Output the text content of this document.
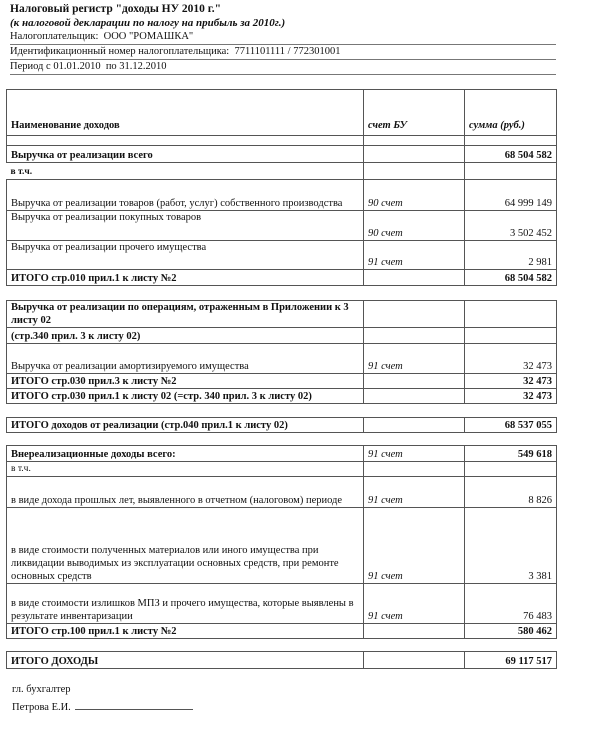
Налоговый регистр "доходы НУ 2010 г."
(к налоговой декларации по налогу на прибыль за 2010г.)
Налогоплательщик: ООО "РОМАШКА"
Идентификационный номер налогоплательщика: 7711101111 / 772301001
Период с 01.01.2010 по 31.12.2010
Наименование доходов	счет БУ	сумма (руб.)

Выручка от реализации всего		68 504 582
в т.ч.		
Выручка от реализации товаров (работ, услуг) собственного производства	90 счет	64 999 149
Выручка от реализации покупных товаров	90 счет	3 502 452
Выручка от реализации прочего имущества	91 счет	2 981
ИТОГО стр.010 прил.1 к листу №2		68 504 582
Выручка от реализации по операциям, отраженным в Приложении к 3 листу 02		
(стр.340 прил. 3 к листу 02)		
Выручка от реализации амортизируемого имущества	91 счет	32 473
ИТОГО стр.030 прил.3 к листу №2		32 473
ИТОГО стр.030 прил.1 к листу 02 (=стр. 340 прил. 3 к листу 02)		32 473
ИТОГО доходов от реализации (стр.040 прил.1 к листу 02)		68 537 055
Внереализационные доходы всего:	91 счет	549 618
в т.ч.		
в виде дохода прошлых лет, выявленного в отчетном (налоговом) периоде	91 счет	8 826
в виде стоимости полученных материалов или иного имущества при ликвидации выводимых из эксплуатации основных средств, при ремонте основных средств	91 счет	3 381
в виде стоимости излишков МПЗ и прочего имущества, которые выявлены в результате инвентаризации	91 счет	76 483
ИТОГО стр.100 прил.1 к листу №2		580 462
ИТОГО ДОХОДЫ		69 117 517
гл. бухгалтер
Петрова Е.И.
